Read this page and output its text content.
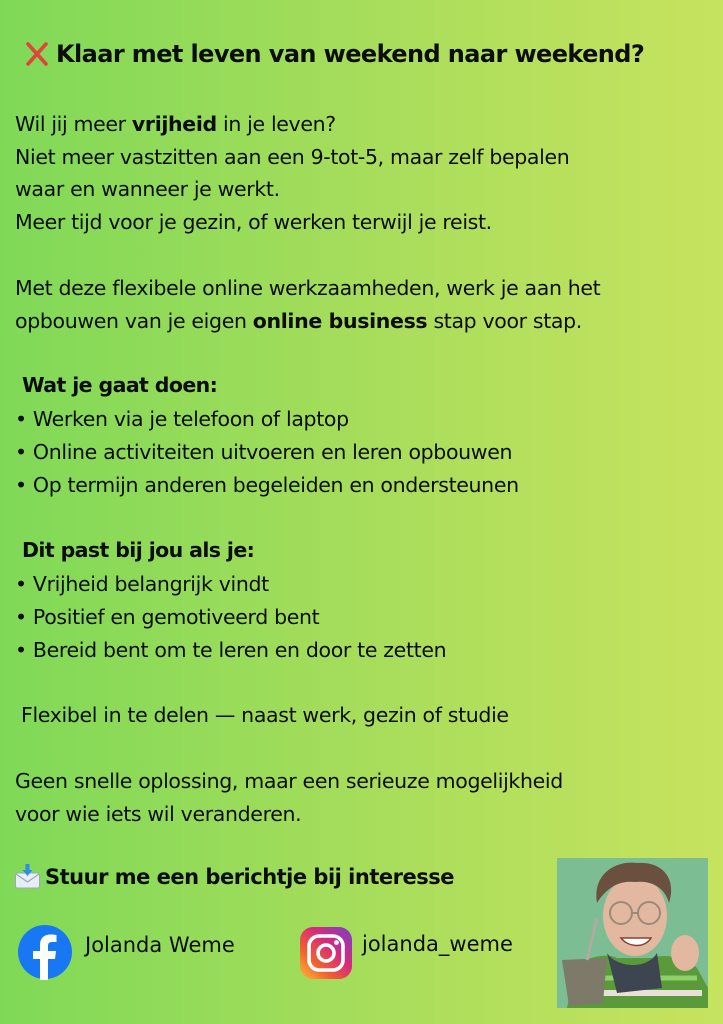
Klaar met leven van weekend naar weekend?
Wil jij meer vrijheid in je leven?
Niet meer vastzitten aan een 9-tot-5, maar zelf bepalen
waar en wanneer je werkt.
Meer tijd voor je gezin, of werken terwijl je reist.
Met deze flexibele online werkzaamheden, werk je aan het
opbouwen van je eigen online business stap voor stap.
Wat je gaat doen:
• Werken via je telefoon of laptop
• Online activiteiten uitvoeren en leren opbouwen
• Op termijn anderen begeleiden en ondersteunen
Dit past bij jou als je:
• Vrijheid belangrijk vindt
• Positief en gemotiveerd bent
• Bereid bent om te leren en door te zetten
Flexibel in te delen — naast werk, gezin of studie
Geen snelle oplossing, maar een serieuze mogelijkheid
voor wie iets wil veranderen.
Stuur me een berichtje bij interesse
Jolanda Weme	jolanda_weme
